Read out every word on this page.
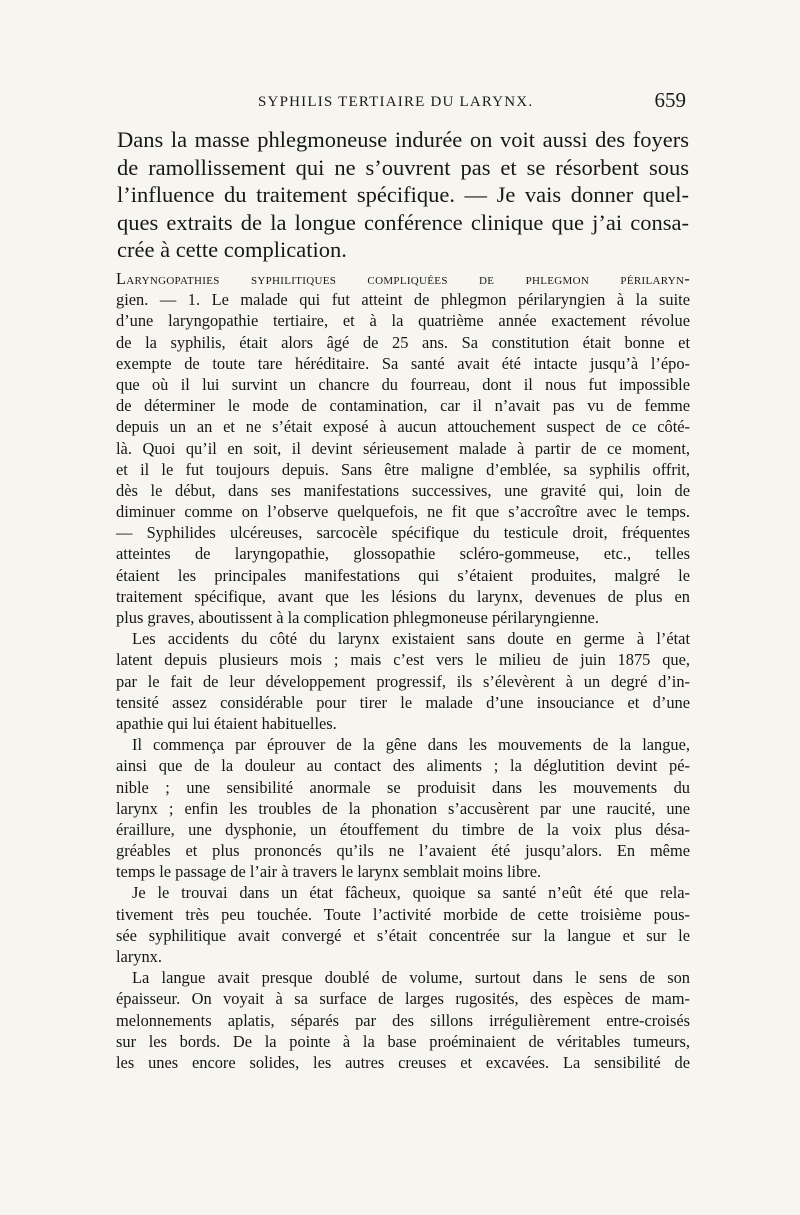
SYPHILIS TERTIAIRE DU LARYNX.	659
Dans la masse phlegmoneuse indurée on voit aussi des foyers
de ramollissement qui ne s’ouvrent pas et se résorbent sous
l’influence du traitement spécifique. — Je vais donner quel-
ques extraits de la longue conférence clinique que j’ai consa-
crée à cette complication.
Laryngopathies syphilitiques compliquées de phlegmon périlaryn-
gien. — 1. Le malade qui fut atteint de phlegmon périlaryngien à la suite
d’une laryngopathie tertiaire, et à la quatrième année exactement révolue
de la syphilis, était alors âgé de 25 ans. Sa constitution était bonne et
exempte de toute tare héréditaire. Sa santé avait été intacte jusqu’à l’épo-
que où il lui survint un chancre du fourreau, dont il nous fut impossible
de déterminer le mode de contamination, car il n’avait pas vu de femme
depuis un an et ne s’était exposé à aucun attouchement suspect de ce côté-
là. Quoi qu’il en soit, il devint sérieusement malade à partir de ce moment,
et il le fut toujours depuis. Sans être maligne d’emblée, sa syphilis offrit,
dès le début, dans ses manifestations successives, une gravité qui, loin de
diminuer comme on l’observe quelquefois, ne fit que s’accroître avec le temps.
— Syphilides ulcéreuses, sarcocèle spécifique du testicule droit, fréquentes
atteintes de laryngopathie, glossopathie scléro-gommeuse, etc., telles
étaient les principales manifestations qui s’étaient produites, malgré le
traitement spécifique, avant que les lésions du larynx, devenues de plus en
plus graves, aboutissent à la complication phlegmoneuse périlaryngienne.
Les accidents du côté du larynx existaient sans doute en germe à l’état
latent depuis plusieurs mois ; mais c’est vers le milieu de juin 1875 que,
par le fait de leur développement progressif, ils s’élevèrent à un degré d’in-
tensité assez considérable pour tirer le malade d’une insouciance et d’une
apathie qui lui étaient habituelles.
Il commença par éprouver de la gêne dans les mouvements de la langue,
ainsi que de la douleur au contact des aliments ; la déglutition devint pé-
nible ; une sensibilité anormale se produisit dans les mouvements du
larynx ; enfin les troubles de la phonation s’accusèrent par une raucité, une
éraillure, une dysphonie, un étouffement du timbre de la voix plus désa-
gréables et plus prononcés qu’ils ne l’avaient été jusqu’alors. En même
temps le passage de l’air à travers le larynx semblait moins libre.
Je le trouvai dans un état fâcheux, quoique sa santé n’eût été que rela-
tivement très peu touchée. Toute l’activité morbide de cette troisième pous-
sée syphilitique avait convergé et s’était concentrée sur la langue et sur le
larynx.
La langue avait presque doublé de volume, surtout dans le sens de son
épaisseur. On voyait à sa surface de larges rugosités, des espèces de mam-
melonnements aplatis, séparés par des sillons irrégulièrement entre-croisés
sur les bords. De la pointe à la base proéminaient de véritables tumeurs,
les unes encore solides, les autres creuses et excavées. La sensibilité de
